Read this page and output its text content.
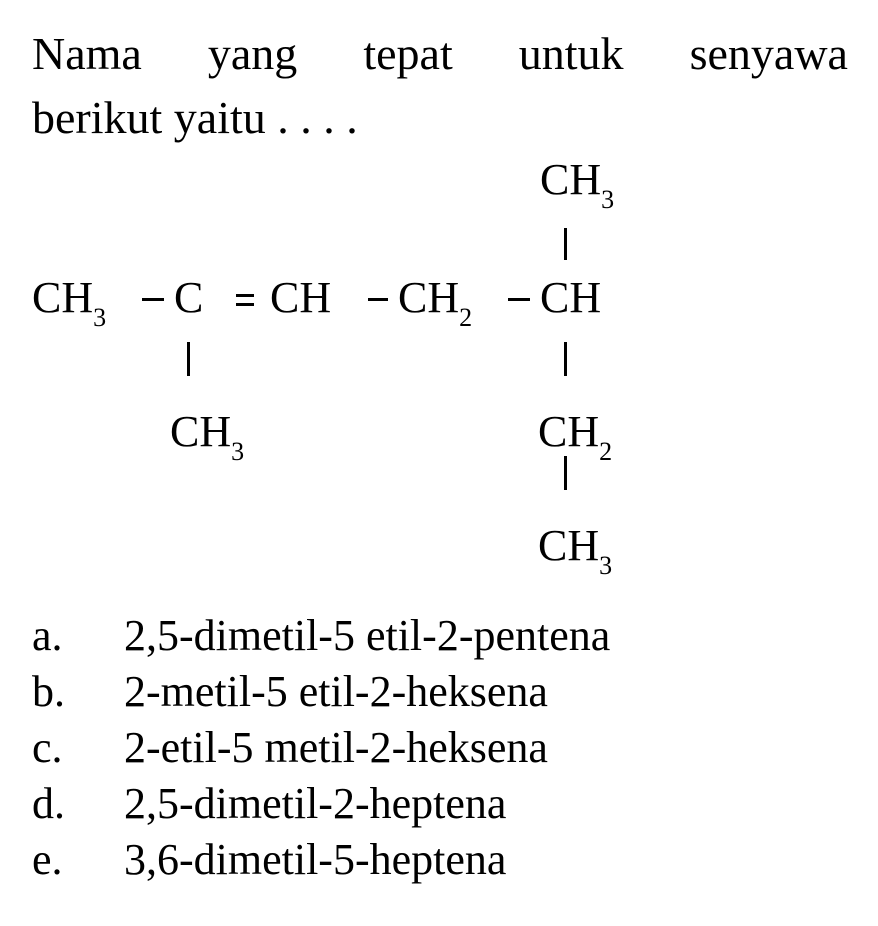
Nama yang tepat untuk senyawa
berikut yaitu . . . .
$CH_3$
$CH_3$ C CH $CH_2$ CH
$CH_3$	$CH_2$
$CH_3$
a.	2,5-dimetil-5 etil-2-pentena
b.	2-metil-5 etil-2-heksena
c.	2-etil-5 metil-2-heksena
d.	2,5-dimetil-2-heptena
e.	3,6-dimetil-5-heptena
